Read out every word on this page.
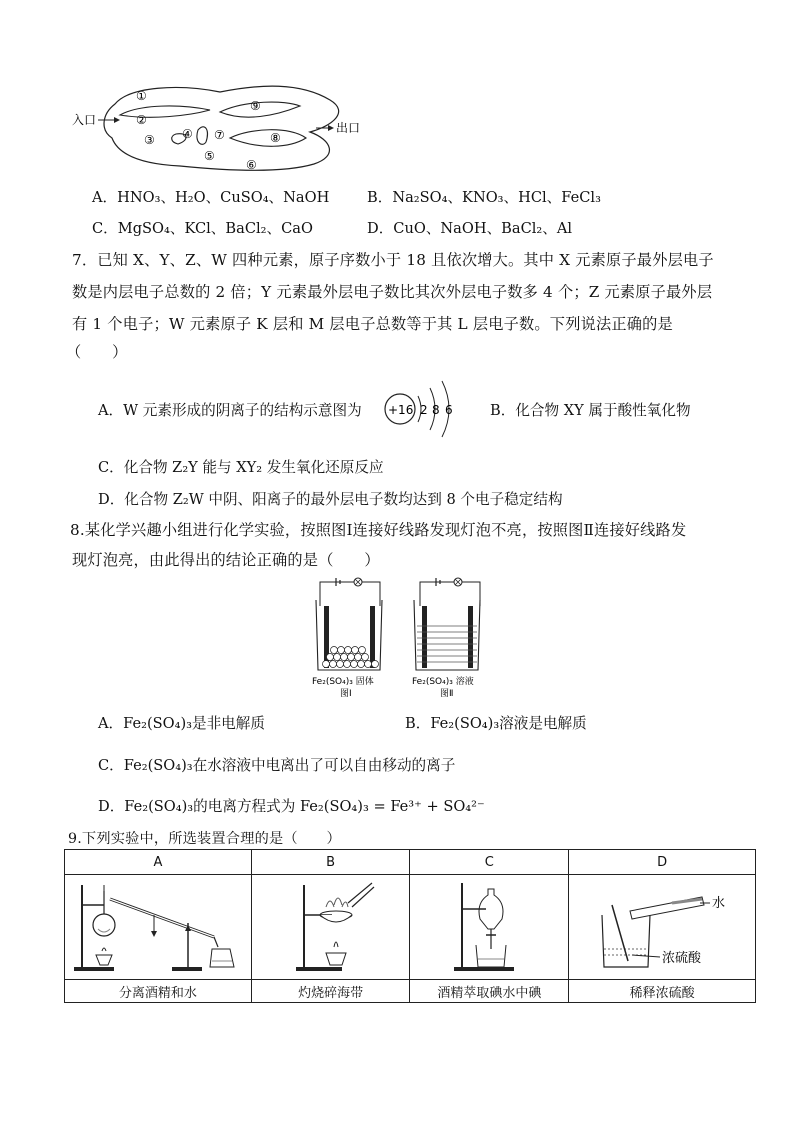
入口
出口
①
②
③ ④
⑤
⑥
⑦	⑧
⑨
A．HNO₃、H₂O、CuSO₄、NaOH	B．Na₂SO₄、KNO₃、HCl、FeCl₃
C．MgSO₄、KCl、BaCl₂、CaO	D．CuO、NaOH、BaCl₂、Al
7．已知 X、Y、Z、W 四种元素，原子序数小于 18 且依次增大。其中 X 元素原子最外层电子
数是内层电子总数的 2 倍；Y 元素最外层电子数比其次外层电子数多 4 个；Z 元素原子最外层
有 1 个电子；W 元素原子 K 层和 M 层电子总数等于其 L 层电子数。下列说法正确的是
（　　）
A．W 元素形成的阴离子的结构示意图为 +16 2 8 6	B．化合物 XY 属于酸性氧化物
C．化合物 Z₂Y 能与 XY₂ 发生氧化还原反应
D．化合物 Z₂W 中阴、阳离子的最外层电子数均达到 8 个电子稳定结构
8.某化学兴趣小组进行化学实验，按照图Ⅰ连接好线路发现灯泡不亮，按照图Ⅱ连接好线路发
现灯泡亮，由此得出的结论正确的是（　　）
Fe₂(SO₄)₃ 固体
图Ⅰ
Fe₂(SO₄)₃ 溶液
图Ⅱ
A．Fe₂(SO₄)₃是非电解质	B．Fe₂(SO₄)₃溶液是电解质
C．Fe₂(SO₄)₃在水溶液中电离出了可以自由移动的离子
D．Fe₂(SO₄)₃的电离方程式为 Fe₂(SO₄)₃ = Fe³⁺ + SO₄²⁻
9.下列实验中，所选装置合理的是（　　）
A	B	C	D

水
浓硫酸

分离酒精和水	灼烧碎海带	酒精萃取碘水中碘	稀释浓硫酸
